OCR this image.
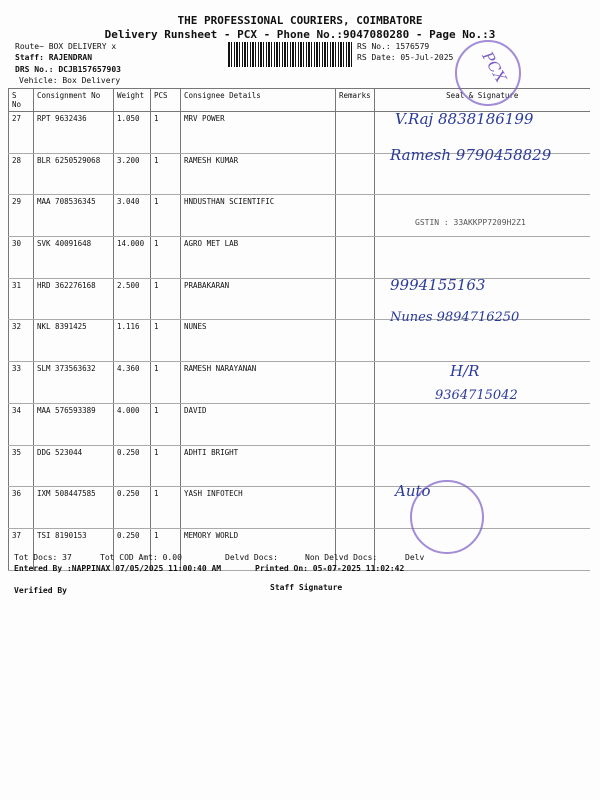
THE PROFESSIONAL COURIERS, COIMBATORE
Delivery Runsheet - PCX - Phone No.:9047080280 - Page No.:3
Route~ BOX DELIVERY x
Staff: RAJENDRAN
DRS No.: DCJB157657903
Vehicle: Box Delivery
RS No.: 1576579
RS Date: 05-Jul-2025
S No	Consignment No	Weight	PCS	Consignee Details	Remarks	Seal & Signature
27	RPT 9632436	1.050	1	MRV POWER		
28	BLR 6250529068	3.200	1	RAMESH KUMAR		
29	MAA 708536345	3.040	1	HNDUSTHAN SCIENTIFIC		
30	SVK 40091648	14.000	1	AGRO MET LAB		
31	HRD 362276168	2.500	1	PRABAKARAN		
32	NKL 8391425	1.116	1	NUNES		
33	SLM 373563632	4.360	1	RAMESH NARAYANAN		
34	MAA 576593389	4.000	1	DAVID		
35	DDG 523044	0.250	1	ADHTI BRIGHT		
36	IXM 508447585	0.250	1	YASH INFOTECH		
37	TSI 8190153	0.250	1	MEMORY WORLD		
PCX
V.Raj 8838186199
Ramesh 9790458829
GSTIN : 33AKKPP7209H2Z1
9994155163
Nunes 9894716250
H/R
9364715042
Auto
Tot Docs: 37	Tot COD Amt: 0.00	Delvd Docs:	Non Delvd Docs:	Delv
Entered By :NAPPINAX 07/05/2025 11:00:40 AM	Printed On: 05-07-2025 11:02:42
Verified By	Staff Signature
